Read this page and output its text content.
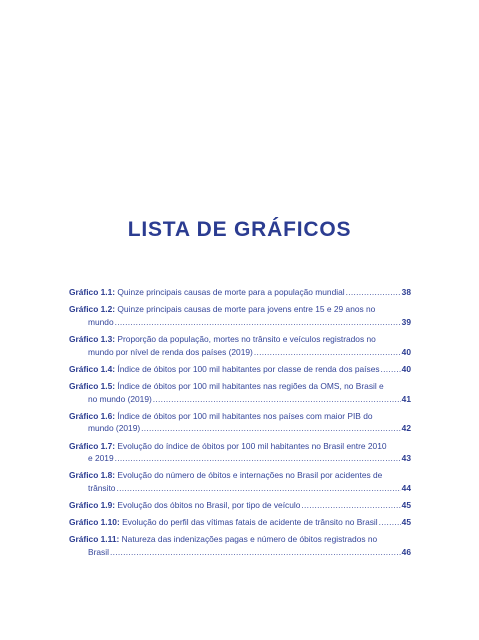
LISTA DE GRÁFICOS
Gráfico 1.1:
Quinze principais causas de morte para a população mundial .....	38
Gráfico 1.2:
Quinze principais causas de morte para jovens entre 15 e 29 anos no
mundo .....	39
Gráfico 1.3:
Proporção da população, mortes no trânsito e veículos registrados no
mundo por nível de renda dos países (2019) .....	40
Gráfico 1.4:
Índice de óbitos por 100 mil habitantes por classe de renda dos países .....	40
Gráfico 1.5:
Índice de óbitos por 100 mil habitantes nas regiões da OMS, no Brasil e
no mundo (2019) .....	41
Gráfico 1.6:
Índice de óbitos por 100 mil habitantes nos países com maior PIB do
mundo (2019) .....	42
Gráfico 1.7:
Evolução do índice de óbitos por 100 mil habitantes no Brasil entre 2010
e 2019 .....	43
Gráfico 1.8:
Evolução do número de óbitos e internações no Brasil por acidentes de
trânsito .....	44
Gráfico 1.9:
Evolução dos óbitos no Brasil, por tipo de veículo .....	45
Gráfico 1.10:
Evolução do perfil das vítimas fatais de acidente de trânsito no Brasil .....	45
Gráfico 1.11:
Natureza das indenizações pagas e número de óbitos registrados no
Brasil .....	46
